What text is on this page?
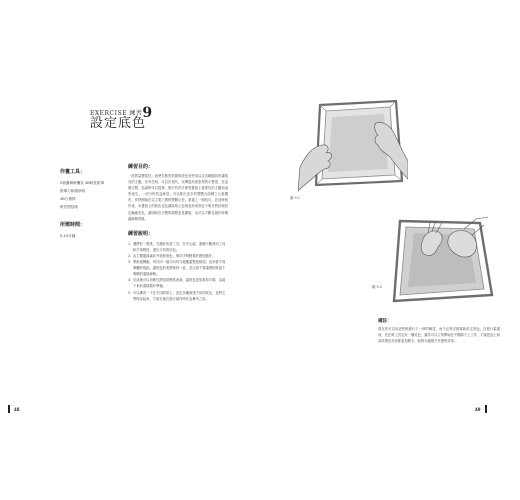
EXERCISE 練習9
設定底色
作畫工具：
2號濃稠軟彌炭 4B軟性鉛筆
鉛筆刀和磨砂紙
4B石墨棒
軟性擦拭紙
所需時間：
5-10分鐘
練習目的：
「底質量豐富性」而使你既然依據的底色有些用以拉出範圍其所讓明亮的主題。在有任何，可以在現代，以傳達高度原型的平整度，在這個空間，色調時可以從事，做法有許多使得畫面上重要性的主題和這些產生。一部分的效益就是。可以推出更多的整體大面積之元素擺布，作特開始在以主要之間的整體反差。重複之一個技巧，在這時候作者。本畫面上的底色也色調區域上色域並形成底色不明亮的紋理設定輪廓底色，讓明暗各平整的調整更是擴展，也可以不斷在創作時期讓線條實踐。
練習說明：
1. 選擇好一張紙，先備好所需工具，在中心處，連續不斷使用工具和手掌輕按，畫出平均的底色。
2. 由主體邊緣處向外延伸塗色，保持手勢輕柔的擦拭動作。
3. 將紙張轉動，每次向一個方向均勻地覆蓋整張紙面，直到看不到筆觸的痕跡。讓底色的灰階保持一致，並注意不要讓擦拭紙留下明顯的邊緣線條。
4. 完成後可以用軟性擦拭紙輕拭表面，讓底色更加柔和平順，為接下來的素描做好準備。
5. 可以練習一下在不同的紙上，設定各種深淺不同的底色，並將它們保存起來，方便日後在進行創作時作為參考之用。
48
圖 9-1
圖 9-2
備註：
現在你可以用這些紙進行下一章的練習，而不必每次都重新設定底色。在進行素描前，先在紙上設定好一層底色，讓你可以立刻開始在中間調子上工作，不論是加上暗部或擦出亮部都更加順手，能夠大幅提升作畫的效率。
49
